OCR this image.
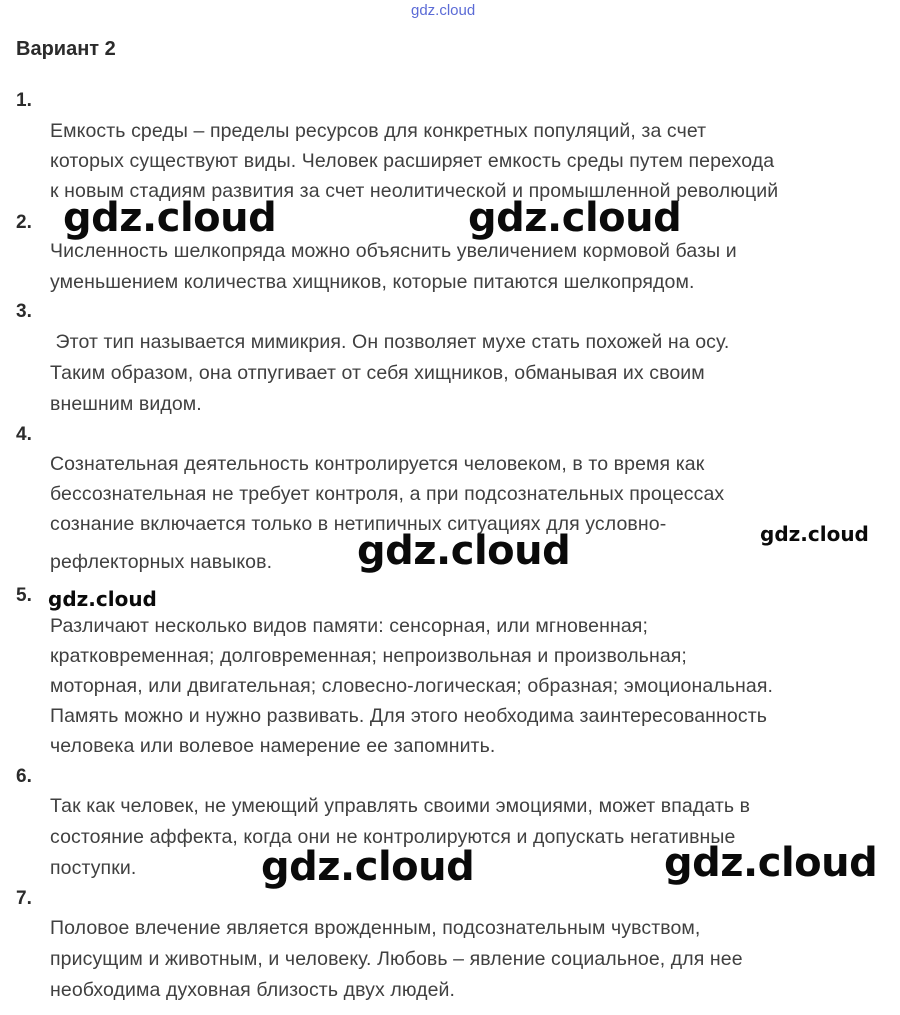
gdz.cloud
Вариант 2
1.
Емкость среды – пределы ресурсов для конкретных популяций, за счет
которых существуют виды. Человек расширяет емкость среды путем перехода
к новым стадиям развития за счет неолитической и промышленной революций
2.
Численность шелкопряда можно объяснить увеличением кормовой базы и
уменьшением количества хищников, которые питаются шелкопрядом.
3.
Этот тип называется мимикрия. Он позволяет мухе стать похожей на осу.
Таким образом, она отпугивает от себя хищников, обманывая их своим
внешним видом.
4.
Сознательная деятельность контролируется человеком, в то время как
бессознательная не требует контроля, а при подсознательных процессах
сознание включается только в нетипичных ситуациях для условно-
рефлекторных навыков.
5.
Различают несколько видов памяти: сенсорная, или мгновенная;
кратковременная; долговременная; непроизвольная и произвольная;
моторная, или двигательная; словесно-логическая; образная; эмоциональная.
Память можно и нужно развивать. Для этого необходима заинтересованность
человека или волевое намерение ее запомнить.
6.
Так как человек, не умеющий управлять своими эмоциями, может впадать в
состояние аффекта, когда они не контролируются и допускать негативные
поступки.
7.
Половое влечение является врожденным, подсознательным чувством,
присущим и животным, и человеку. Любовь – явление социальное, для нее
необходима духовная близость двух людей.
gdz.cloud	gdz.cloud
gdz.cloud
gdz.cloud
gdz.cloud
gdz.cloud	gdz.cloud
